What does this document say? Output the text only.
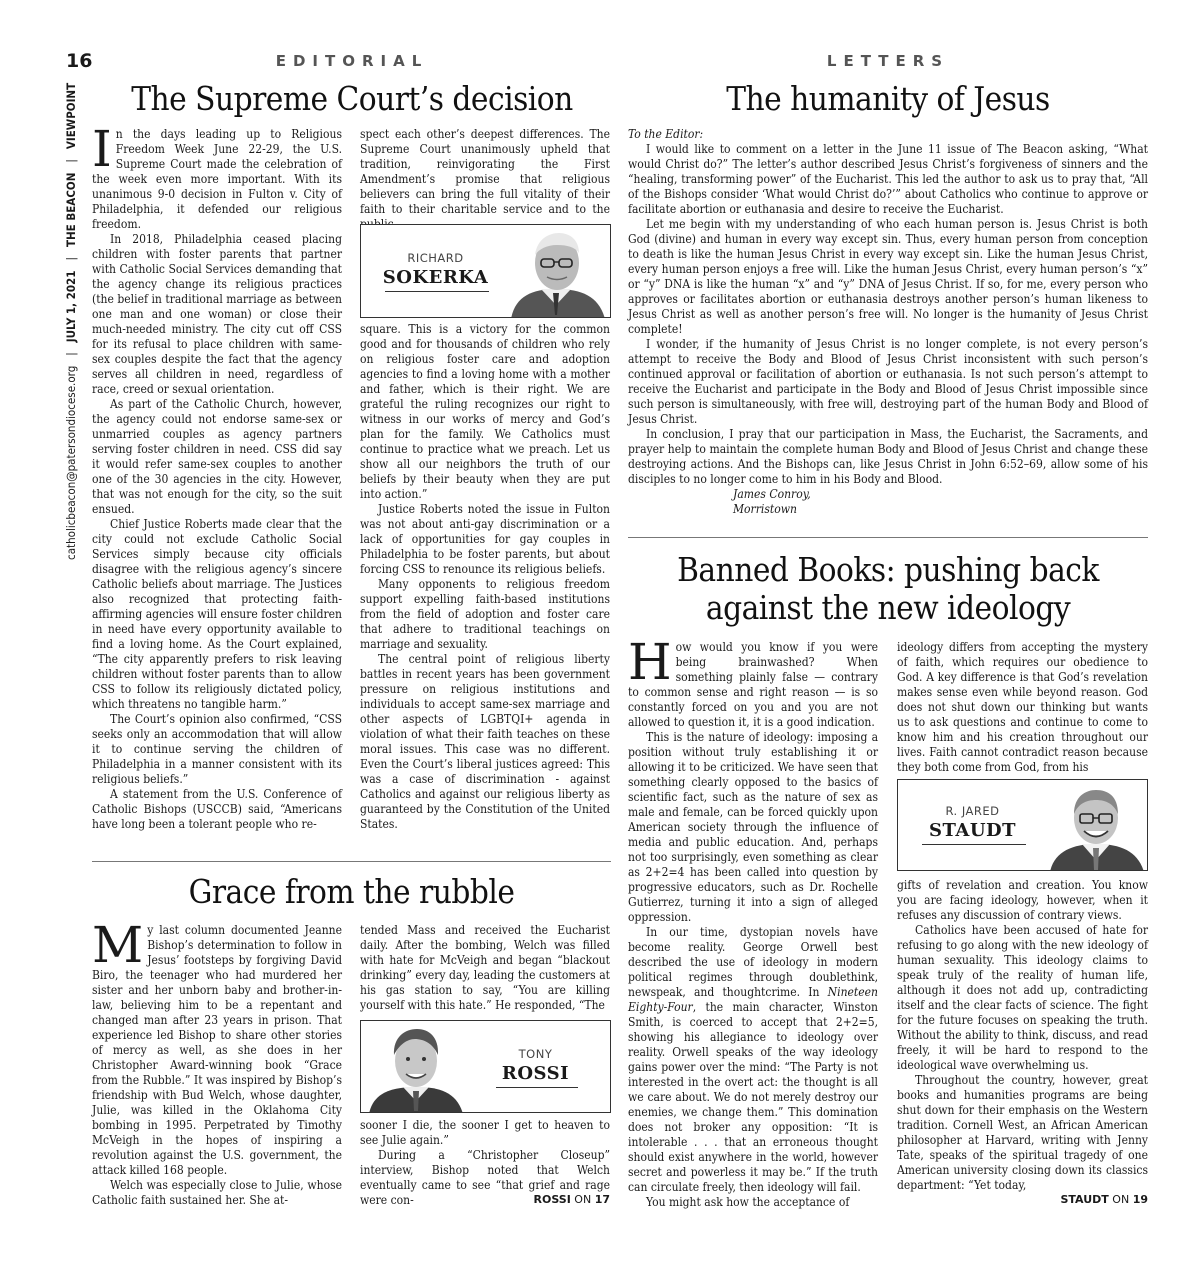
16
catholicbeacon@patersondiocese.org
|
JULY 1, 2021
|
THE BEACON
|
VIEWPOINT
EDITORIAL
The Supreme Court’s decision

In the days leading up to Religious Freedom Week June 22-29, the U.S. Supreme Court made the celebration of the week even more important. With its unanimous 9-0 decision in Fulton v. City of Philadelphia, it defended our religious freedom.

In 2018, Philadelphia ceased placing children with foster parents that partner with Catholic Social Services demanding that the agency change its religious practices (the belief in traditional marriage as between one man and one woman) or close their much-needed ministry. The city cut off CSS for its refusal to place children with same-sex couples despite the fact that the agency serves all children in need, regardless of race, creed or sexual orientation.

As part of the Catholic Church, however, the agency could not endorse same-sex or unmarried couples as agency partners serving foster children in need. CSS did say it would refer same-sex couples to another one of the 30 agencies in the city. However, that was not enough for the city, so the suit ensued.

Chief Justice Roberts made clear that the city could not exclude Catholic Social Services simply because city officials disagree with the religious agency’s sincere Catholic beliefs about marriage. The Justices also recognized that protecting faith-affirming agencies will ensure foster children in need have every opportunity available to find a loving home. As the Court explained, “The city apparently prefers to risk leaving children without foster parents than to allow CSS to follow its religiously dictated policy, which threatens no tangible harm.”

The Court’s opinion also confirmed, “CSS seeks only an accommodation that will allow it to continue serving the children of Philadelphia in a manner consistent with its religious beliefs.”

A statement from the U.S. Conference of Catholic Bishops (USCCB) said, “Americans have long been a tolerant people who re-

spect each other’s deepest differences. The Supreme Court unanimously upheld that tradition, reinvigorating the First Amendment’s promise that religious believers can bring the full vitality of their faith to their charitable service and to the

RICHARD
SOKERKA

square. This is a victory for the common good and for thousands of children who rely on religious foster care and adoption agencies to find a loving home with a mother and father, which is their right. We are grateful the ruling recognizes our right to witness in our works of mercy and God’s plan for the family. We Catholics must continue to practice what we preach. Let us show all our neighbors the truth of our beliefs by their beauty when they are put into action.”

Justice Roberts noted the issue in Fulton was not about anti-gay discrimination or a lack of opportunities for gay couples in Philadelphia to be foster parents, but about forcing CSS to renounce its religious beliefs.

Many opponents to religious freedom support expelling faith-based institutions from the field of adoption and foster care that adhere to traditional teachings on marriage and sexuality.

The central point of religious liberty battles in recent years has been government pressure on religious institutions and individuals to accept same-sex marriage and other aspects of LGBTQI+ agenda in violation of what their faith teaches on these moral issues. This case was no different. Even the Court’s liberal justices agreed: This was a case of discrimination - against Catholics and against our religious liberty as guaranteed by the Constitution of the United States.

LETTERS
The humanity of Jesus

To the Editor:

I would like to comment on a letter in the June 11 issue of The Beacon asking, “What would Christ do?” The letter’s author described Jesus Christ’s forgiveness of sinners and the “healing, transforming power” of the Eucharist. This led the author to ask us to pray that, “All of the Bishops consider ‘What would Christ do?’” about Catholics who continue to approve or facilitate abortion or euthanasia and desire to receive the Eucharist.

Let me begin with my understanding of who each human person is. Jesus Christ is both God (divine) and human in every way except sin. Thus, every human person from conception to death is like the human Jesus Christ in every way except sin. Like the human Jesus Christ, every human person enjoys a free will. Like the human Jesus Christ, every human person’s “x” or “y” DNA is like the human “x” and “y” DNA of Jesus Christ. If so, for me, every person who approves or facilitates abortion or euthanasia destroys another person’s human likeness to Jesus Christ as well as another person’s free will. No longer is the humanity of Jesus Christ complete!

I wonder, if the humanity of Jesus Christ is no longer complete, is not every person’s attempt to receive the Body and Blood of Jesus Christ inconsistent with such person’s continued approval or facilitation of abortion or euthanasia. Is not such person’s attempt to receive the Eucharist and participate in the Body and Blood of Jesus Christ impossible since such person is simultaneously, with free will, destroying part of the human Body and Blood of Jesus Christ.

In conclusion, I pray that our participation in Mass, the Eucharist, the Sacraments, and prayer help to maintain the complete human Body and Blood of Jesus Christ and change these destroying actions. And the Bishops can, like Jesus Christ in John 6:52–69, allow some of his disciples to no longer come to him in his Body and Blood.

James Conroy,

Morristown

Banned Books: pushing back
against the new ideology

How would you know if you were being brainwashed? When something plainly false — contrary to common sense and right reason — is so constantly forced on you and you are not allowed to question it, it is a good indication.

This is the nature of ideology: imposing a position without truly establishing it or allowing it to be criticized. We have seen that something clearly opposed to the basics of scientific fact, such as the nature of sex as male and female, can be forced quickly upon American society through the influence of media and public education. And, perhaps not too surprisingly, even something as clear as 2+2=4 has been called into question by progressive educators, such as Dr. Rochelle Gutierrez, turning it into a sign of alleged oppression.

In our time, dystopian novels have become reality. George Orwell best described the use of ideology in modern political regimes through doublethink, newspeak, and thoughtcrime. In Nineteen Eighty-Four, the main character, Winston Smith, is coerced to accept that 2+2=5, showing his allegiance to ideology over reality. Orwell speaks of the way ideology gains power over the mind: “The Party is not interested in the overt act: the thought is all we care about. We do not merely destroy our enemies, we change them.” This domination does not broker any opposition: “It is intolerable . . . that an erroneous thought should exist anywhere in the world, however secret and powerless it may be.” If the truth can circulate freely, then ideology will fail.

You might ask how the acceptance of

ideology differs from accepting the mystery of faith, which requires our obedience to God. A key difference is that God’s revelation makes sense even while beyond reason. God does not shut down our thinking but wants us to ask questions and continue to come to know him and his creation throughout our lives. Faith cannot contradict reason because they both come from God, from his

R. JARED
STAUDT

gifts of revelation and creation. You know you are facing ideology, however, when it refuses any discussion of contrary views.

Catholics have been accused of hate for refusing to go along with the new ideology of human sexuality. This ideology claims to speak truly of the reality of human life, although it does not add up, contradicting itself and the clear facts of science. The fight for the future focuses on speaking the truth. Without the ability to think, discuss, and read freely, it will be hard to respond to the ideological wave overwhelming us.

Throughout the country, however, great books and humanities programs are being shut down for their emphasis on the Western tradition. Cornell West, an African American philosopher at Harvard, writing with Jenny Tate, speaks of the spiritual tragedy of one American university closing down its classics department: “Yet today,

STAUDT ON 19
Grace from the rubble

My last column documented Jeanne Bishop’s determination to follow in Jesus’ footsteps by forgiving David Biro, the teenager who had murdered her sister and her unborn baby and brother-in-law, believing him to be a repentant and changed man after 23 years in prison. That experience led Bishop to share other stories of mercy as well, as she does in her Christopher Award-winning book “Grace from the Rubble.” It was inspired by Bishop’s friendship with Bud Welch, whose daughter, Julie, was killed in the Oklahoma City bombing in 1995. Perpetrated by Timothy McVeigh in the hopes of inspiring a revolution against the U.S. government, the attack killed 168 people.

Welch was especially close to Julie, whose Catholic faith sustained her. She at-

tended Mass and received the Eucharist daily. After the bombing, Welch was filled with hate for McVeigh and began “blackout drinking” every day, leading the customers at his gas station to say, “You are killing yourself with this hate.” He responded, “The

TONY
ROSSI

sooner I die, the sooner I get to heaven to see Julie again.”

During a “Christopher Closeup” interview, Bishop noted that Welch eventually came to see “that grief and rage were con-	ROSSI ON 17
